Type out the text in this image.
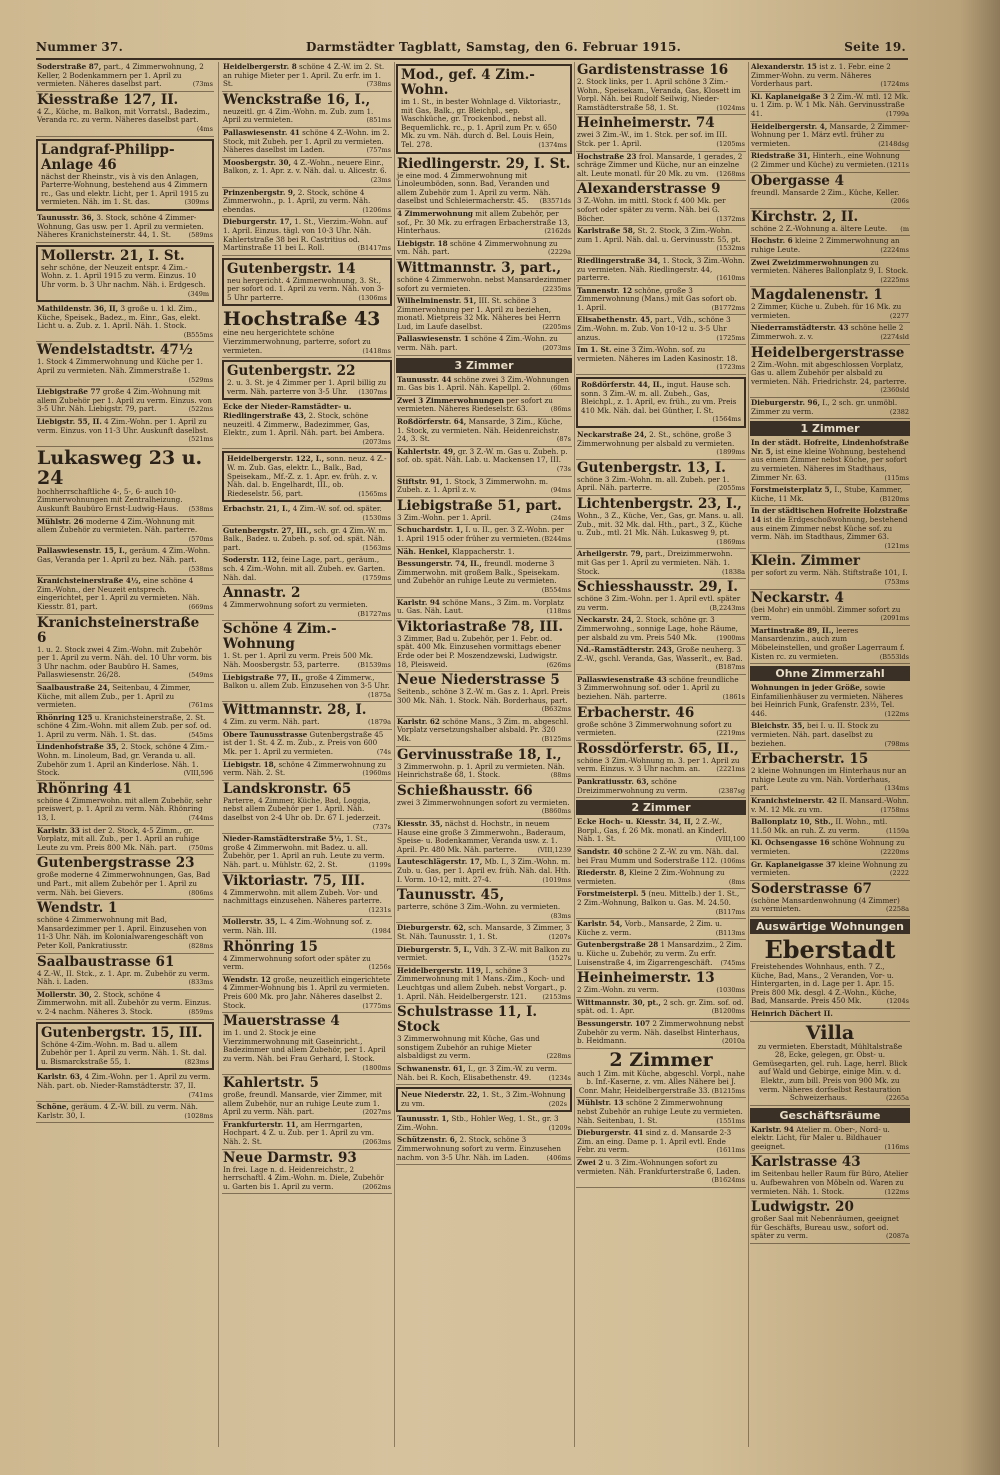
Nummer 37.	Darmstädter Tagblatt, Samstag, den 6. Februar 1915.	Seite 19.
Soderstraße 87, part., 4 Zimmerwohnung, 2 Keller, 2 Bodenkammern per 1. April zu vermieten. Näheres daselbst part.	(73ms
Kiesstraße 127, II.
4 Z., Küche, m. Balkon, mit Vorratsl., Badezim., Veranda rc. zu verm. Näheres daselbst part.
(4ms
Landgraf-Philipp-Anlage 46
nächst der Rheinstr., vis à vis den Anlagen, Parterre-Wohnung, bestehend aus 4 Zimmern rc., Gas und elektr. Licht, per 1. April 1915 zu vermieten. Näh. im 1. St. das.	(309ms
Taunusstr. 36, 3. Stock, schöne 4 Zimmer-Wohnung, Gas usw. per 1. April zu vermieten. Näheres Kranichsteinerstr. 44, 1. St.	(589ms
Mollerstr. 21, I. St.
sehr schöne, der Neuzeit entspr. 4 Zim.-Wohn. z. 1. April 1915 zu verm. Einzus. 10 Uhr vorm. b. 3 Uhr nachm. Näh. i. Erdgesch.
(349m
Mathildenstr. 36, II, 3 große u. 1 kl. Zim., Küche, Speisek., Badez., m. Einr., Gas, elekt. Licht u. a. Zub. z. 1. April. Näh. 1. Stock.
(B555ms
Wendelstadtstr. 47½
1. Stock 4 Zimmerwohnung und Küche per 1. April zu vermieten. Näh. Zimmerstraße 1.
(529ms
Liebigstraße 77 große 4 Zim.-Wohnung mit allem Zubehör per 1. April zu verm. Einzus. von 3-5 Uhr. Näh. Liebigstr. 79, part.	(522ms
Liebigstr. 55, II. 4 Zim.-Wohn. per 1. April zu verm. Einzus. von 11-3 Uhr. Auskunft daselbst.
(521ms
Lukasweg 23 u. 24
hochherrschaftliche 4-, 5-, 6- auch 10-Zimmerwohnungen mit Zentralheizung. Auskunft Baubüro Ernst-Ludwig-Haus. (538ms
Mühlstr. 26 moderne 4 Zim.-Wohnung mit allem Zubehör zu vermieten. Näh. parterre.
(570ms
Pallaswiesenstr. 15, I., geräum. 4 Zim.-Wohn. Gas, Veranda per 1. April zu bez. Näh. part.
(538ms
Kranichsteinerstraße 4½, eine schöne 4 Zim.-Wohn., der Neuzeit entsprech. eingerichtet, per 1. April zu vermieten. Näh. Kiesstr. 81, part.	(669ms
Kranichsteinerstraße 6
1. u. 2. Stock zwei 4 Zim.-Wohn. mit Zubehör per 1. April zu verm. Näh. del. 10 Uhr vorm. bis 3 Uhr nachm. oder Baubüro H. Sames, Pallaswiesenstr. 26/28.	(549ms
Saalbaustraße 24, Seitenbau, 4 Zimmer, Küche, mit allem Zub., per 1. April zu vermieten.	(761ms
Rhönring 125 u. Kranichsteinerstraße, 2. St. schöne 4 Zim.-Wohn. mit allem Zub. per sof. od. 1. April zu verm. Näh. 1. St. das.	(545ms
Lindenhofstraße 35, 2. Stock, schöne 4 Zim.-Wohn. m. Linoleum, Bad, gr. Veranda u. all. Zubehör zum 1. April an Kinderlose. Näh. 1. Stock.	(VIII,596
Rhönring 41
schöne 4 Zimmerwohn. mit allem Zubehör, sehr preiswert, p. 1. April zu verm. Näh. Rhönring 13, I.	(744ms
Karlstr. 33 ist der 2. Stock, 4-5 Zimm., gr. Vorplatz, mit all. Zub., per 1. April an ruhige Leute zu vm. Preis 800 Mk. Näh. part. (750ms
Gutenbergstrasse 23
große moderne 4 Zimmerwohnungen, Gas, Bad und Part., mit allem Zubehör per 1. April zu verm. Näh. bei Gievers.	(806ms
Wendstr. 1
schöne 4 Zimmerwohnung mit Bad, Mansardezimmer per 1. April. Einzusehen von 11-3 Uhr. Näh. im Kolonialwarengeschäft von Peter Koll, Pankratiusstr.	(828ms
Saalbaustrasse 61
4 Z.-W., II. Stck., z. 1. Apr. m. Zubehör zu verm. Näh. i. Laden.	(833ms
Mollerstr. 30, 2. Stock, schöne 4 Zimmerwohn. mit all. Zubehör zu verm. Einzus. v. 2-4 nachm. Näheres 3. Stock.	(859ms
Gutenbergstr. 15, III.
Schöne 4-Zim.-Wohn. m. Bad u. allem Zubehör per 1. April zu verm. Näh. 1. St. dal. u. Bismarckstraße 55, 1.	(823ms
Karlstr. 63, 4 Zim.-Wohn. per 1. April zu verm. Näh. part. ob. Nieder-Ramstädterstr. 37, II.
(741ms
Schöne, geräum. 4 Z.-W. bill. zu verm. Näh. Karlstr. 30, I.	(1028ms
Heidelbergerstr. 8 schöne 4 Z.-W. im 2. St. an ruhige Mieter per 1. April. Zu erfr. im 1. St.	(738ms
Wenckstraße 16, I.,
neuzeitl. gr. 4 Zim.-Wohn. m. Zub. zum 1. April zu vermieten.	(851ms
Pallaswiesenstr. 41 schöne 4 Z.-Wohn. im 2. Stock, mit Zubeh. per 1. April zu vermieten. Näheres daselbst im Laden.	(757ms
Moosbergstr. 30, 4 Z.-Wohn., neuere Einr., Balkon, z. 1. Apr. z. v. Näh. dal. u. Alicestr. 6.
(23ms
Prinzenbergstr. 9, 2. Stock, schöne 4 Zimmerwohn., p. 1. April, zu verm. Näh. ebendas.	(1206ms
Dieburgerstr. 17, 1. St., Vierzim.-Wohn. auf 1. April. Einzus. tägl. von 10-3 Uhr. Näh. Kahlertstraße 38 bei R. Castritius od. Martinstraße 11 bei L. Roll.	(B1417ms
Gutenbergstr. 14
neu hergericht. 4 Zimmerwohnung, 3. St., per sofort od. 1. April zu verm. Näh. von 3-5 Uhr parterre.	(1306ms
Hochstraße 43
eine neu hergerichtete schöne Vierzimmerwohnung, parterre, sofort zu vermieten.	(1418ms
Gutenbergstr. 22
2. u. 3. St. je 4 Zimmer per 1. April billig zu verm. Näh. parterre von 3-5 Uhr. (1307ms
Ecke der Nieder-Ramstädter- u. Riedlingerstraße 43, 2. Stock, schöne neuzeitl. 4 Zimmerw., Badezimmer, Gas, Elektr., zum 1. April. Näh. part. bei Ambera.
(2073ms
Heidelbergerstr. 122, I., sonn. neuz. 4 Z.-W. m. Zub. Gas, elektr. L., Balk., Bad, Speisekam., Mf.-Z. z. 1. Apr. ev. früh. z. v. Näh. dal. b. Engelhardt, III., ob. Riedeselstr. 56, part.	(1565ms
Erbachstr. 21, I., 4 Zim.-W. sof. od. später.
(1530ms
Gutenbergstr. 27, III., sch. gr. 4 Zim.-W. m. Balk., Badez. u. Zubeh. p. sof. od. spät. Näh. part.	(1563ms
Soderstr. 112, feine Lage, part., geräum., sch. 4 Zim.-Wohn. mit all. Zubeh. ev. Garten. Näh. dal.	(1759ms
Annastr. 2
4 Zimmerwohnung sofort zu vermieten.
(B1727ms
Schöne 4 Zim.-Wohnung
1. St. per 1. April zu verm. Preis 500 Mk. Näh. Moosbergstr. 53, parterre.	(B1539ms
Liebigstraße 77, II., große 4 Zimmerw., Balkon u. allem Zub. Einzusehen von 3-5 Uhr.
(1875a
Wittmannstr. 28, I.
4 Zim. zu verm. Näh. part.	(1879a
Obere Taunusstrasse Gutenbergstraße 45 ist der 1. St. 4 Z. m. Zub., z. Preis von 600 Mk. per 1. April zu vermieten.	(74s
Liebigstr. 18, schöne 4 Zimmerwohnung zu verm. Näh. 2. St.	(1960ms
Landskronstr. 65
Parterre, 4 Zimmer, Küche, Bad, Loggia, nebst allem Zubehör per 1. April. Näh. daselbst von 2-4 Uhr ob. Dr. 67 I. jederzeit.
(737s
Nieder-Ramstädterstraße 5½, 1. St., große 4 Zimmerwohn. mit Badez. u. all. Zubehör, per 1. April an ruh. Leute zu verm. Näh. part. u. Mühlstr. 62, 2. St.	(1199s
Viktoriastr. 75, III.
4 Zimmerwohn. mit allem Zubeh. Vor- und nachmittags einzusehen. Näheres parterre.
(1231s
Mollerstr. 35, L. 4 Zim.-Wohnung sof. z. verm. Näh. III.	(1984
Rhönring 15
4 Zimmerwohnung sofort oder später zu verm.	(1256s
Wendstr. 12 große, neuzeitlich eingerichtete 4 Zimmer-Wohnung bis 1. April zu vermieten. Preis 600 Mk. pro Jahr. Näheres daselbst 2. Stock.	(1775ms
Mauerstrasse 4
im 1. und 2. Stock je eine Vierzimmerwohnung mit Gaseinricht., Badezimmer und allem Zubehör, per 1. April zu verm. Näh. bei Frau Gerhard, I. Stock.
(1800ms
Kahlertstr. 5
große, freundl. Mansarde, vier Zimmer, mit allem Zubehör, nur an ruhige Leute zum 1. April zu verm. Näh. part.	(2027ms
Frankfurterstr. 11, am Herrngarten, Hochpart. 4 Z. u. Zub. per 1. April zu vm. Näh. 2. St.	(2063ms
Neue Darmstr. 93
In frei. Lage n. d. Heidenreichstr., 2 herrschaftl. 4 Zim.-Wohn. m. Diele, Zubehör u. Garten bis 1. April zu verm.	(2062ms
Mod., gef. 4 Zim.-Wohn.
im 1. St., in bester Wohnlage d. Viktoriastr., mit Gas, Balk., gr. Bleichpl., sep. Waschküche, gr. Trockenbod., nebst all. Bequemlichk. rc., p. 1. April zum Pr. v. 650 Mk. zu vm. Näh. durch d. Bel. Louis Hein, Tel. 278.	(1374ms
Riedlingerstr. 29, I. St.
je eine mod. 4 Zimmerwohnung mit Linoleumböden, sonn. Bad, Veranden und allem Zubehör zum 1. April zu verm. Näh. daselbst und Schleiermacherstr. 45. (B3571ds
4 Zimmerwohnung mit allem Zubehör, per sof., Pr. 30 Mk. zu erfragen Erbacherstraße 13, Hinterhaus.	(2162ds
Liebigstr. 18 schöne 4 Zimmerwohnung zu vm. Näh. part.	(2229a
Wittmannstr. 3, part.,
schöne 4 Zimmerwohn. nebst Mansardezimmer sofort zu vermieten.	(2235ms
Wilhelminenstr. 51, III. St. schöne 3 Zimmerwohnung per 1. April zu beziehen, monatl. Mietpreis 32 Mk. Näheres bei Herrn Lud, im Laufe daselbst.	(2205ms
Pallaswiesenstr. 1 schöne 4 Zim.-Wohn. zu verm. Näh. part.	(2073ms
3 Zimmer
Taunusstr. 44 schöne zwei 3 Zim.-Wohnungen m. Gas bis 1. April. Näh. Kapellpl. 2.	(60ms
Zwei 3 Zimmerwohnungen per sofort zu vermieten. Näheres Riedeselstr. 63.	(86ms
Roßdörferstr. 64, Mansarde, 3 Zim., Küche, 1. Stock, zu vermieten. Näh. Heidenreichstr. 24, 3. St.	(87s
Kahlertstr. 49, gr. 3 Z.-W. m. Gas u. Zubeh. p. sof. ob. spät. Näh. Lab. u. Mackensen 17, III.
(73s
Stiftstr. 91, 1. Stock, 3 Zimmerwohn. m. Zubeh. z. 1. April z. v.	(94ms
Liebigstraße 51, part.
3 Zim.-Wohn. per 1. April.	(24ms
Schuchardstr. 1, I. u. II., ger. 3 Z.-Wohn. per 1. April 1915 oder früher zu vermieten. (B244ms
Näh. Henkel, Klappacherstr. 1.
Bessungerstr. 74, II., freundl. moderne 3 Zimmerwohn. mit großem Balk., Speisekam. und Zubehör an ruhige Leute zu vermieten.
(B554ms
Karlstr. 94 schöne Mans., 3 Zim. m. Vorplatz u. Gas. Näh. Laut.	(118ms
Viktoriastraße 78, III.
3 Zimmer, Bad u. Zubehör, per 1. Febr. od. spät. 400 Mk. Einzusehen vormittags ebener Erde oder bei P. Moszendzewski, Ludwigstr. 18, Pleisweid.	(626ms
Neue Niederstrasse 5
Seitenb., schöne 3 Z.-W. m. Gas z. 1. Aprl. Preis 300 Mk. Näh. 1. Stock. Näh. Borderhaus, part.
(B632ms
Karlstr. 62 schöne Mans., 3 Zim. m. abgeschl. Vorplatz versetzungshalber alsbald. Pr. 320 Mk.	(B125ms
Gervinusstraße 18, I.,
3 Zimmerwohn. p. 1. April zu vermieten. Näh. Heinrichstraße 68, 1. Stock.	(88ms
Schießhausstr. 66
zwei 3 Zimmerwohnungen sofort zu vermieten.
(B860ms
Kiesstr. 35, nächst d. Hochstr., in neuem Hause eine große 3 Zimmerwohn., Baderaum, Speise- u. Bodenkammer, Veranda usw. z. 1. April. Pr. 480 Mk. Näh. parterre.	(VIII,1239
Lauteschlägerstr. 17, Mb. I., 3 Zim.-Wohn. m. Zub. u. Gas, per 1. April ev. früh. Näh. dal. Hth. I. Vorm. 10-12, mitt. 27-4.	(1019ms
Taunusstr. 45,
parterre, schöne 3 Zim.-Wohn. zu vermieten.
(83ms
Dieburgerstr. 62, sch. Mansarde, 3 Zimmer, 3 St. Näh. Taunusstr. 1, 1. St.	(1207s
Dieburgerstr. 5, I., Vdh. 3 Z.-W. mit Balkon zu vermiet.	(1527s
Heidelbergerstr. 119, I., schöne 3 Zimmerwohnung mit 1 Mans.-Zim., Koch- und Leuchtgas und allem Zubeh. nebst Vorgart., p. 1. April. Näh. Heidelbergerstr. 121. (2153ms
Schulstrasse 11, I. Stock
3 Zimmerwohnung mit Küche, Gas und sonstigem Zubehör an ruhige Mieter alsbaldigst zu verm.	(228ms
Schwanenstr. 61, I., gr. 3 Zim.-W. zu verm. Näh. bei R. Koch, Elisabethenstr. 49.	(1234s
Neue Niederstr. 22, 1. St., 3 Zim.-Wohnung zu vm.	(202s
Taunusstr. 1, Stb., Hohler Weg, 1. St., gr. 3 Zim.-Wohn.	(1209s
Schützenstr. 6, 2. Stock, schöne 3 Zimmerwohnung sofort zu verm. Einzusehen nachm. von 3-5 Uhr. Näh. im Laden.	(406ms
Gardistenstrasse 16
2. Stock links, per 1. April schöne 3 Zim.-Wohn., Speisekam., Veranda, Gas, Klosett im Vorpl. Näh. bei Rudolf Seilwig, Nieder-Ramstädterstraße 58, 1. St.	(1024ms
Heinheimerstr. 74
zwei 3 Zim.-W., im 1. Stck. per sof. im III. Stck. per 1. April.	(1205ms
Hochstraße 23 frol. Mansarde, 1 gerades, 2 schräge Zimmer und Küche, nur an einzelne alt. Leute monatl. für 20 Mk. zu vm. (1268ms
Alexanderstrasse 9
3 Z.-Wohn. im mittl. Stock f. 400 Mk. per sofort oder später zu verm. Näh. bei G. Böcher.	(1372ms
Karlstraße 58, St. 2. Stock, 3 Zim.-Wohn. zum 1. April. Näh. dal. u. Gervinusstr. 55, pt.
(1532ms
Riedlingerstraße 34, 1. Stock, 3 Zim.-Wohn. zu vermieten. Näh. Riedlingerstr. 44, parterre.	(1610ms
Tannenstr. 12 schöne, große 3 Zimmerwohnung (Mans.) mit Gas sofort ob. 1. April.	(B1772ms
Elisabethenstr. 45, part., Vdh., schöne 3 Zim.-Wohn. m. Zub. Von 10-12 u. 3-5 Uhr anzus.	(1725ms
Im 1. St. eine 3 Zim.-Wohn. sof. zu vermieten. Näheres im Laden Kasinostr. 18.
(1723ms
Roßdörferstr. 44, II., ingut. Hause sch. sonn. 3 Zim.-W. m. all. Zubeh., Gas, Bleichpl., z. 1. April, ev. früh., zu vm. Preis 410 Mk. Näh. dal. bei Günther, I. St.
(1564ms
Neckarstraße 24, 2. St., schöne, große 3 Zimmerwohnung per alsbald zu vermieten.
(1899ms
Gutenbergstr. 13, I.
schöne 3 Zim.-Wohn. m. all. Zubeh. per 1. April. Näh. parterre.	(2055ms
Lichtenbergstr. 23, I.,
Wohn., 3 Z., Küche, Ver., Gas, gr. Mans. u. all. Zub., mit. 32 Mk. dal. Hth., part., 3 Z., Küche u. Zub., mtl. 21 Mk. Näh. Lukasweg 9, pt.
(1869ms
Arheilgerstr. 79, part., Dreizimmerwohn. mit Gas per 1. April zu vermieten. Näh. 1. Stock.	(1838a
Schiesshausstr. 29, I.
schöne 3 Zim.-Wohn. per 1. April evtl. später zu verm.	(B,2243ms
Neckarstr. 24, 2. Stock, schöne gr. 3 Zimmerwohng., sonnige Lage, hohe Räume, per alsbald zu vm. Preis 540 Mk.	(1900ms
Nd.-Ramstädterstr. 243, Große neuherg. 3 Z.-W., gschl. Veranda, Gas, Wasserlt., ev. Bad.
(B187ms
Pallaswiesenstraße 43 schöne freundliche 3 Zimmerwohnung sof. oder 1. April zu beziehen. Näh. parterre.	(1861s
Erbacherstr. 46
große schöne 3 Zimmerwohnung sofort zu vermieten.	(2219ms
Rossdörferstr. 65, II.,
schöne 3 Zim.-Wohnung m. 3. per 1. April zu verm. Einzus. v. 3 Uhr nachm. an. (2221ms
Pankratiusstr. 63, schöne Dreizimmerwohnung zu verm.	(2387sg
2 Zimmer
Ecke Hoch- u. Kiesstr. 34, II, 2 Z.-W., Borpl., Gas, f. 26 Mk. monatl. an Kinderl. Näh. 1. St.	(VIII,100
Sandstr. 40 schöne 2 Z.-W. zu vm. Näh. dal. bei Frau Mumm und Soderstraße 112. (106ms
Riederstr. 8, Kleine 2 Zim.-Wohnung zu vermieten.	(8ms
Forstmeisterpl. 5 (neu. Mittelb.) der 1. St., 2 Zim.-Wohnung, Balkon u. Gas. M. 24.50.
(B117ms
Karlstr. 54, Vorb., Mansarde, 2 Zim. u. Küche z. verm.	(B113ms
Gutenbergstraße 28 1 Mansardzim., 2 Zim. u. Küche u. Zubehör, zu verm. Zu erfr. Luisenstraße 4, im Zigarrengeschäft. (745ms
Heinheimerstr. 13
2 Zim.-Wohn. zu verm.	(1030ms
Wittmannstr. 30, pt., 2 sch. gr. Zim. sof. od. spät. od. 1. Apr.	(B1200ms
Bessungerstr. 107 2 Zimmerwohnung nebst Zubehör zu verm. Näh. daselbst Hinterhaus, b. Heidmann.	(2010a
2 Zimmer
auch 1 Zim. mit Küche, abgeschl. Vorpl., nahe b. Inf.-Kaserne, z. vm. Alles Nähere bei J. Conr. Mahr, Heidelbergerstraße 33. (B1215ms
Mühlstr. 13 schöne 2 Zimmerwohnung nebst Zubehör an ruhige Leute zu vermieten. Näh. Seitenbau, 1. St.	(1551ms
Dieburgerstr. 41 sind z. d. Mansarde 2-3 Zim. an eing. Dame p. 1. April evtl. Ende Febr. zu verm.	(1611ms
Zwei 2 u. 3 Zim.-Wohnungen sofort zu vermieten. Näh. Frankfurterstraße 6, Laden.
(B1624ms
Alexanderstr. 15 ist z. 1. Febr. eine 2 Zimmer-Wohn. zu verm. Näheres Vorderhaus part.	(1724ms
Kl. Kaplaneigaße 3 2 Zim.-W. mtl. 12 Mk. u. 1 Zim. p. W. 1 Mk. Näh. Gervinusstraße 41.	(1799a
Heidelbergerstr. 4, Mansarde, 2 Zimmer-Wohnung per 1. März evtl. früher zu vermieten.	(2148dsg
Riedstraße 31, Hinterh., eine Wohnung (2 Zimmer und Küche) zu vermieten. (1211s
Obergasse 4
freundl. Mansarde 2 Zim., Küche, Keller.
(206s
Kirchstr. 2, II.
schöne 2 Z.-Wohnung a. ältere Leute. (m
Hochstr. 6 kleine 2 Zimmerwohnung an ruhige Leute.	(2224ms
Zwei Zweizimmerwohnungen zu vermieten. Näheres Ballonplatz 9, I. Stock.
(2225ms
Magdalenenstr. 1
2 Zimmer, Küche u. Zubeh. für 16 Mk. zu vermieten.	(2277
Niederramstädterstr. 43 schöne helle 2 Zimmerwoh. z. v.	(2274sld
Heidelbergerstrasse
2 Zim.-Wohn. mit abgeschlossen Vorplatz, Gas u. allem Zubehör per alsbald zu vermieten. Näh. Friedrichstr. 24, parterre.
(2360sld
Dieburgerstr. 96, I., 2 sch. gr. unmöbl. Zimmer zu verm.	(2382
1 Zimmer
In der städt. Hofreite, Lindenhofstraße Nr. 5, ist eine kleine Wohnung, bestehend aus einem Zimmer nebst Küche, per sofort zu vermieten. Näheres im Stadthaus, Zimmer Nr. 63.	(115ms
Forstmeisterplatz 5, I., Stube, Kammer, Küche, 11 Mk.	(B120ms
In der städtischen Hofreite Holzstraße 14 ist die Erdgeschoßwohnung, bestehend aus einem Zimmer nebst Küche sof. zu verm. Näh. im Stadthaus, Zimmer 63.
(121ms
Klein. Zimmer
per sofort zu verm. Näh. Stiftstraße 101, I.
(753ms
Neckarstr. 4
(bei Mohr) ein unmöbl. Zimmer sofort zu verm.	(2091ms
Martinstraße 89, II., leeres Mansardenzim., auch zum Möbeleinstellen, und großer Lagerraum f. Kisten rc. zu vermieten.	(B553lds
Ohne Zimmerzahl
Wohnungen in jeder Größe, sowie Einfamilienhäuser zu vermieten. Näheres bei Heinrich Funk, Grafenstr. 23½, Tel. 446.	(122ms
Bleichstr. 35, bei I. u. II. Stock zu vermieten. Näh. part. daselbst zu beziehen.	(798ms
Erbacherstr. 15
2 kleine Wohnungen im Hinterhaus nur an ruhige Leute zu vm. Näh. Vorderhaus, part.	(134ms
Kranichsteinerstr. 42 II. Mansard.-Wohn. v. M. 12 Mk. zu vm.	(1758ms
Ballonplatz 10, Stb., II. Wohn., mtl. 11.50 Mk. an ruh. Z. zu verm.	(1159a
Kl. Ochsengasse 16 schöne Wohnung zu vermieten.	(2220ms
Gr. Kaplaneigasse 37 kleine Wohnung zu vermieten.	(2222
Soderstrasse 67
(schöne Mansardenwohnung (4 Zimmer) zu vermieten.	(2258a
Auswärtige Wohnungen
Eberstadt
Freistehendes Wohnhaus, enth. 7 Z., Küche, Bad, Mans., 2 Veranden, Vor- u. Hintergarten, in d. Lage per 1. Apr. 15. Preis 800 Mk. desgl. 4 Z.-Wohn., Küche, Bad, Mansarde. Preis 450 Mk.	(1204s
Heinrich Dächert II.
Villa
zu vermieten. Eberstadt, Mühltalstraße 28, Ecke, gelegen, gr. Obst- u. Gemüsegarten, gel. ruh. Lage, herrl. Blick auf Wald und Gebirge, einige Min. v. d. Elektr., zum bill. Preis von 900 Mk. zu verm. Näheres dorfselbst Restauration Schweizerhaus.	(2265a
Geschäftsräume
Karlstr. 94 Atelier m. Ober-, Nord- u. elektr. Licht, für Maler u. Bildhauer geeignet.	(116ms
Karlstrasse 43
im Seitenbau heller Raum für Büro, Atelier u. Aufbewahren von Möbeln od. Waren zu vermieten. Näh. 1. Stock.	(122ms
Ludwigstr. 20
großer Saal mit Nebenräumen, geeignet für Geschäfts, Bureau usw., sofort od. später zu verm.	(2087a
